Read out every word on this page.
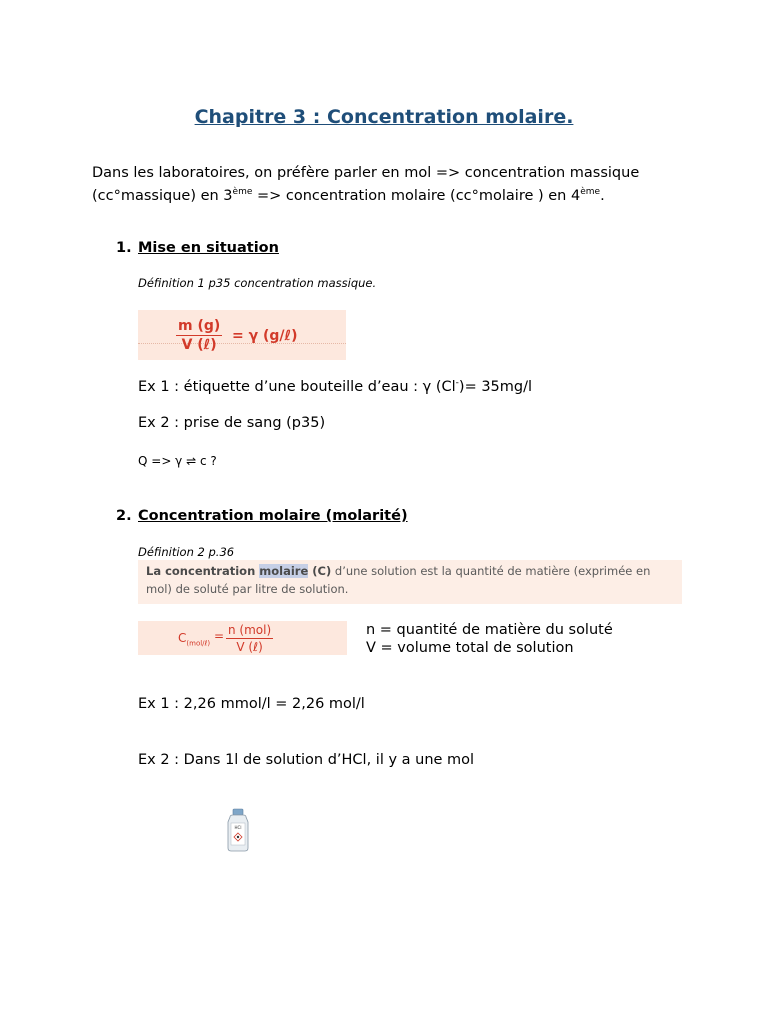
Chapitre 3 : Concentration molaire.
Dans les laboratoires, on préfère parler en mol => concentration massique
(cc°massique) en 3ème => concentration molaire (cc°molaire ) en 4ème.
1. Mise en situation
Définition 1 p35 concentration massique.
m (g)
V (ℓ)
= γ (g/ℓ)
Ex 1 : étiquette d’une bouteille d’eau : γ (Cl-)= 35mg/l
Ex 2 : prise de sang (p35)
Q => γ ⇌ c ?
2. Concentration molaire (molarité)
Définition 2 p.36
La concentration molaire (C) d’une solution est la quantité de matière (exprimée en mol) de soluté par litre de solution.
$C_{(mol/\ell)}$
= n (mol)
V (ℓ)
n = quantité de matière du soluté
V = volume total de solution
Ex 1 : 2,26 mmol/l = 2,26 mol/l
Ex 2 : Dans 1l de solution d’HCl, il y a une mol
HCl
